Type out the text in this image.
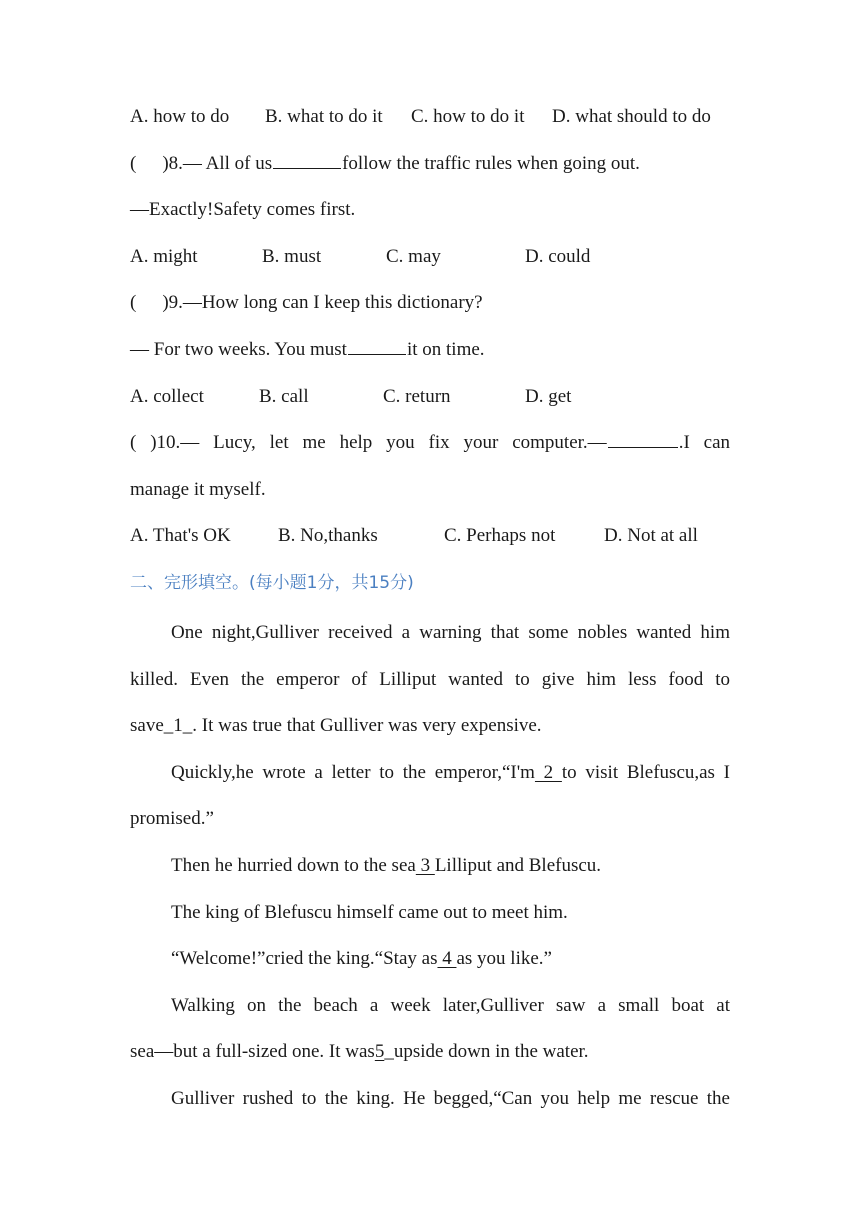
A. how to do B. what to do it C. how to do it D. what should to do
( )8.— All of us	follow the traffic rules when going out.
—Exactly!Safety comes first.
A. might	B. must	C. may	D. could
( )9.—How long can I keep this dictionary?
— For two weeks. You must	it on time.
A. collect	B. call	C. return	D. get
( )10.— Lucy, let me help you fix your computer.—	.I can
manage it myself.
A. That's OK B. No,thanks	C. Perhaps not	D. Not at all
二、完形填空。(每小题1分，共15分)
One night,Gulliver received a warning that some nobles wanted him
killed. Even the emperor of Lilliput wanted to give him less food to
save_1_. It was true that Gulliver was very expensive.
Quickly,he wrote a letter to the emperor,“I'm 2 to visit Blefuscu,as I
promised.”
Then he hurried down to the sea 3 Lilliput and Blefuscu.
The king of Blefuscu himself came out to meet him.
“Welcome!”cried the king.“Stay as 4 as you like.”
Walking on the beach a week later,Gulliver saw a small boat at
sea—but a full-sized one. It was5_upside down in the water.
Gulliver rushed to the king. He begged,“Can you help me rescue the
